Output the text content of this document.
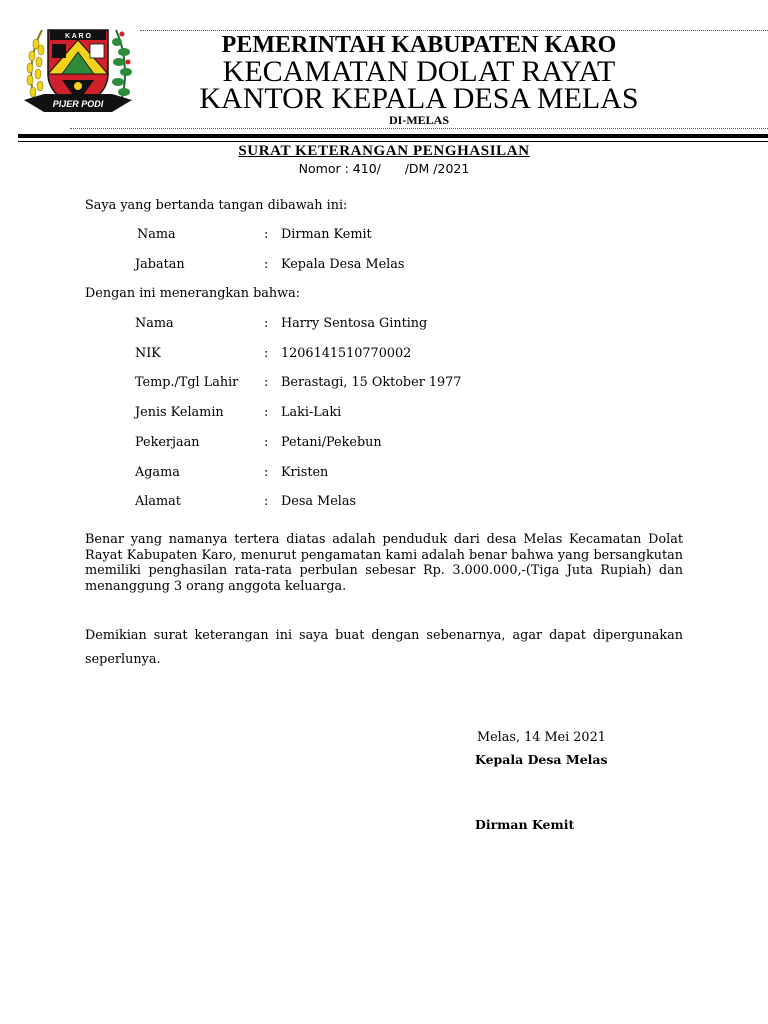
K A R O
PIJER PODI
PEMERINTAH KABUPATEN KARO
KECAMATAN DOLAT RAYAT
KANTOR KEPALA DESA MELAS
DI-MELAS
SURAT KETERANGAN PENGHASILAN
Nomor : 410/      /DM /2021
Saya yang bertanda tangan dibawah ini:
Nama	: Dirman Kemit
Jabatan	: Kepala Desa Melas
Dengan ini menerangkan bahwa:
Nama	: Harry Sentosa Ginting
NIK	: 1206141510770002
Temp./Tgl Lahir : Berastagi, 15 Oktober 1977
Jenis Kelamin	: Laki-Laki
Pekerjaan	: Petani/Pekebun
Agama	: Kristen
Alamat	: Desa Melas
Benar yang namanya tertera diatas adalah penduduk dari desa Melas Kecamatan Dolat Rayat Kabupaten Karo, menurut pengamatan kami adalah benar bahwa yang bersangkutan memiliki penghasilan rata-rata perbulan sebesar Rp. 3.000.000,-(Tiga Juta Rupiah) dan menanggung 3 orang anggota keluarga.
Demikian surat keterangan ini saya buat dengan sebenarnya, agar dapat dipergunakan seperlunya.
Melas, 14 Mei 2021
Kepala Desa Melas
Dirman Kemit
